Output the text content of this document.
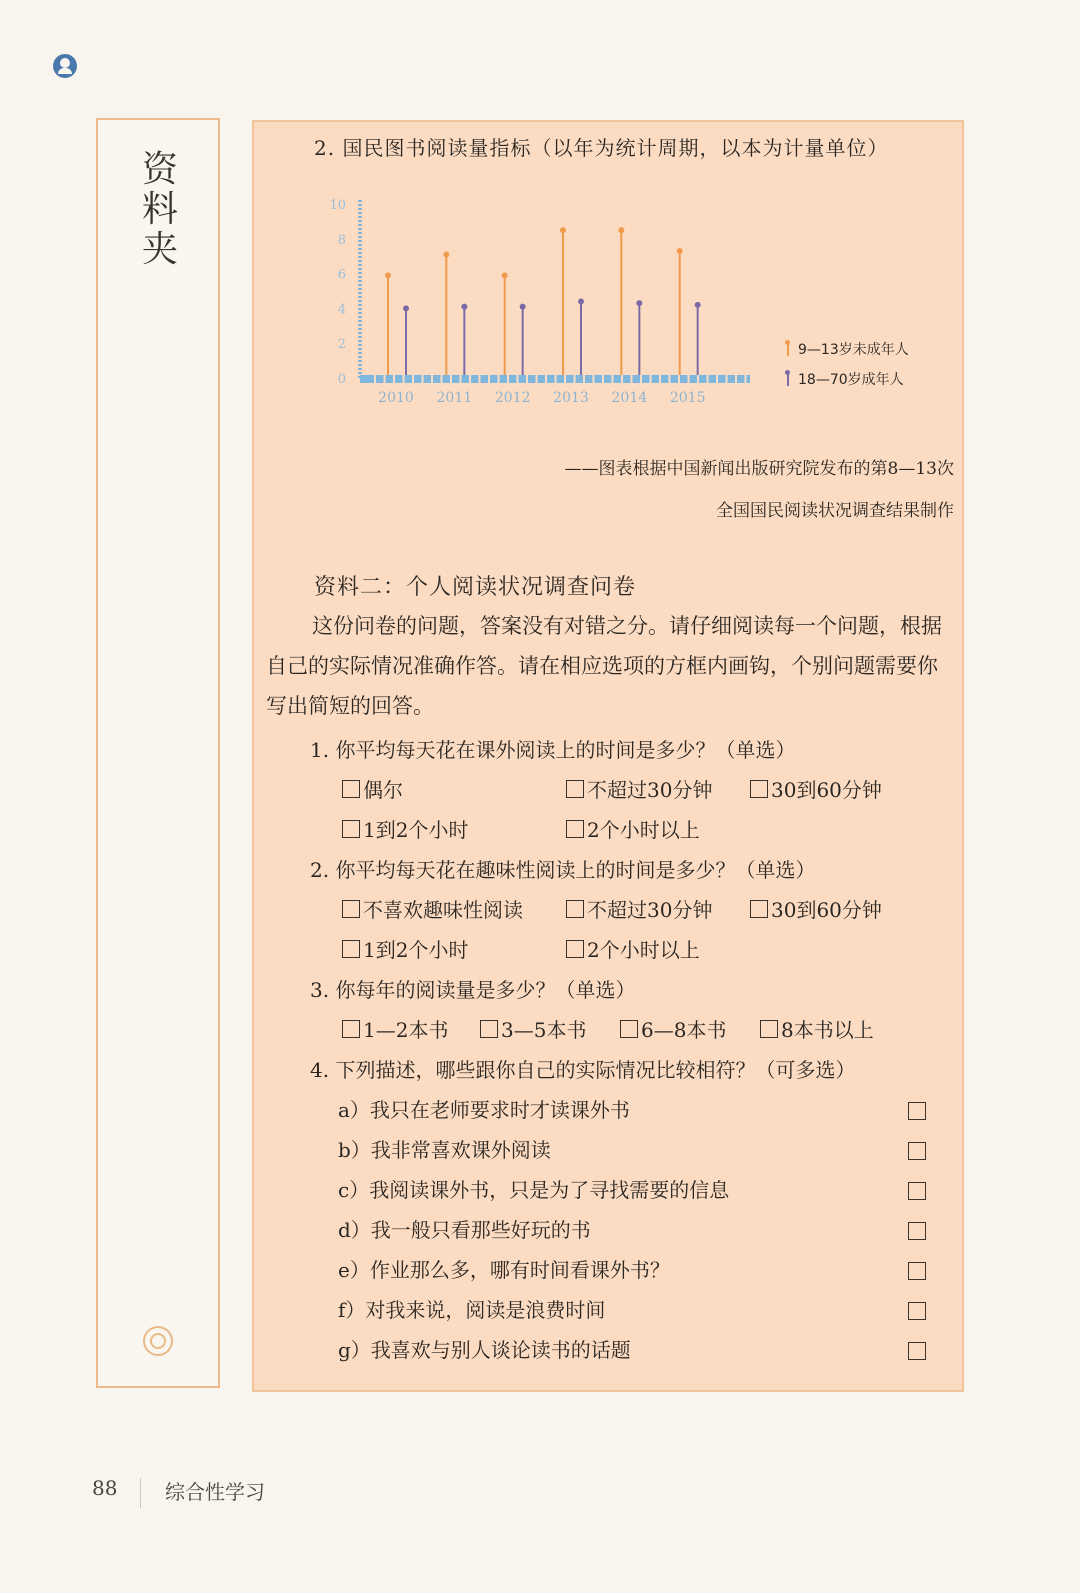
资
料
夹
2. 国民图书阅读量指标（以年为统计周期，以本为计量单位）
0
2
4
6
8
10
2010 2011 2012 2013 2014 2015
9—13岁未成年人
18—70岁成年人
——图表根据中国新闻出版研究院发布的第8—13次
全国国民阅读状况调查结果制作
资料二：个人阅读状况调查问卷

这份问卷的问题，答案没有对错之分。请仔细阅读每一个问题，根据自己的实际情况准确作答。请在相应选项的方框内画钩，个别问题需要你写出简短的回答。

1. 你平均每天花在课外阅读上的时间是多少？（单选）
偶尔	不超过30分钟	30到60分钟
1到2个小时	2个小时以上
2. 你平均每天花在趣味性阅读上的时间是多少？（单选）
不喜欢趣味性阅读	不超过30分钟	30到60分钟
1到2个小时	2个小时以上
3. 你每年的阅读量是多少？（单选）
1—2本书	3—5本书	6—8本书	8本书以上
4. 下列描述，哪些跟你自己的实际情况比较相符？（可多选）
a）我只在老师要求时才读课外书
b）我非常喜欢课外阅读
c）我阅读课外书，只是为了寻找需要的信息
d）我一般只看那些好玩的书
e）作业那么多，哪有时间看课外书？
f）对我来说，阅读是浪费时间
g）我喜欢与别人谈论读书的话题
88 综合性学习
